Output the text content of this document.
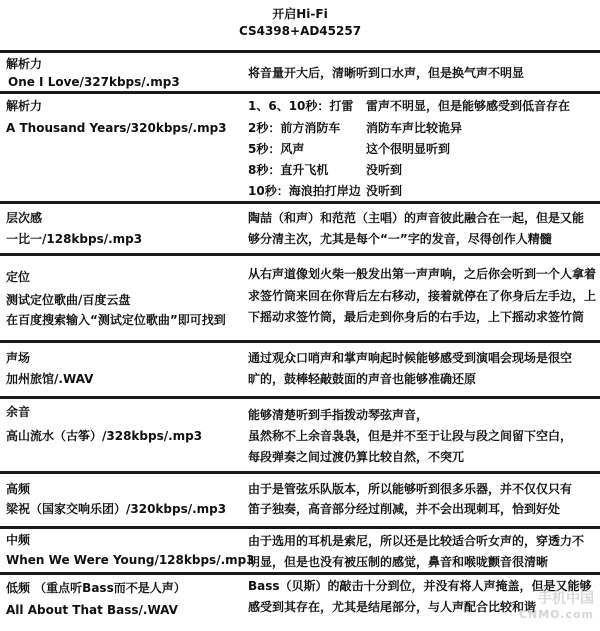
开启Hi-Fi
CS4398+AD45257
解析力
One I Love/327kbps/.mp3
将音量开大后，清晰听到口水声，但是换气声不明显
解析力
A Thousand Years/320kbps/.mp3
1、6、10秒：打雷 雷声不明显，但是能够感受到低音存在
2秒：前方消防车 消防车声比较诡异
5秒：风声	这个很明显听到
8秒：直升飞机	没听到
10秒：海浪拍打岸边 没听到
层次感
一比一/128kbps/.mp3
陶喆（和声）和范范（主唱）的声音彼此融合在一起，但是又能
够分清主次，尤其是每个“一”字的发音，尽得创作人精髓
定位
测试定位歌曲/百度云盘
在百度搜索输入“测试定位歌曲”即可找到
从右声道像划火柴一般发出第一声声响，之后你会听到一个人拿着
求签竹筒来回在你背后左右移动，接着就停在了你身后左手边，上
下摇动求签竹筒，最后走到你身后的右手边，上下摇动求签竹筒
声场
加州旅馆/.WAV
通过观众口哨声和掌声响起时候能够感受到演唱会现场是很空
旷的，鼓棒轻敲鼓面的声音也能够准确还原
余音
高山流水（古筝）/328kbps/.mp3
能够清楚听到手指拨动琴弦声音，
虽然称不上余音袅袅，但是并不至于让段与段之间留下空白，
每段弹奏之间过渡仍算比较自然，不突兀
高频
梁祝（国家交响乐团）/320kbps/.mp3
由于是管弦乐队版本，所以能够听到很多乐器，并不仅仅只有
笛子独奏，高音部分经过削减，并不会出现刺耳，恰到好处
中频
When We Were Young/128kbps/.mp3
由于选用的耳机是索尼，所以还是比较适合听女声的，穿透力不
明显，但是也没有被压制的感觉，鼻音和喉咙颤音很清晰
低频 （重点听Bass而不是人声）
All About That Bass/.WAV
Bass（贝斯）的敲击十分到位，并没有将人声掩盖，但是又能够
感受到其存在，尤其是结尾部分，与人声配合比较和谐 手机中国
CNMO.com
